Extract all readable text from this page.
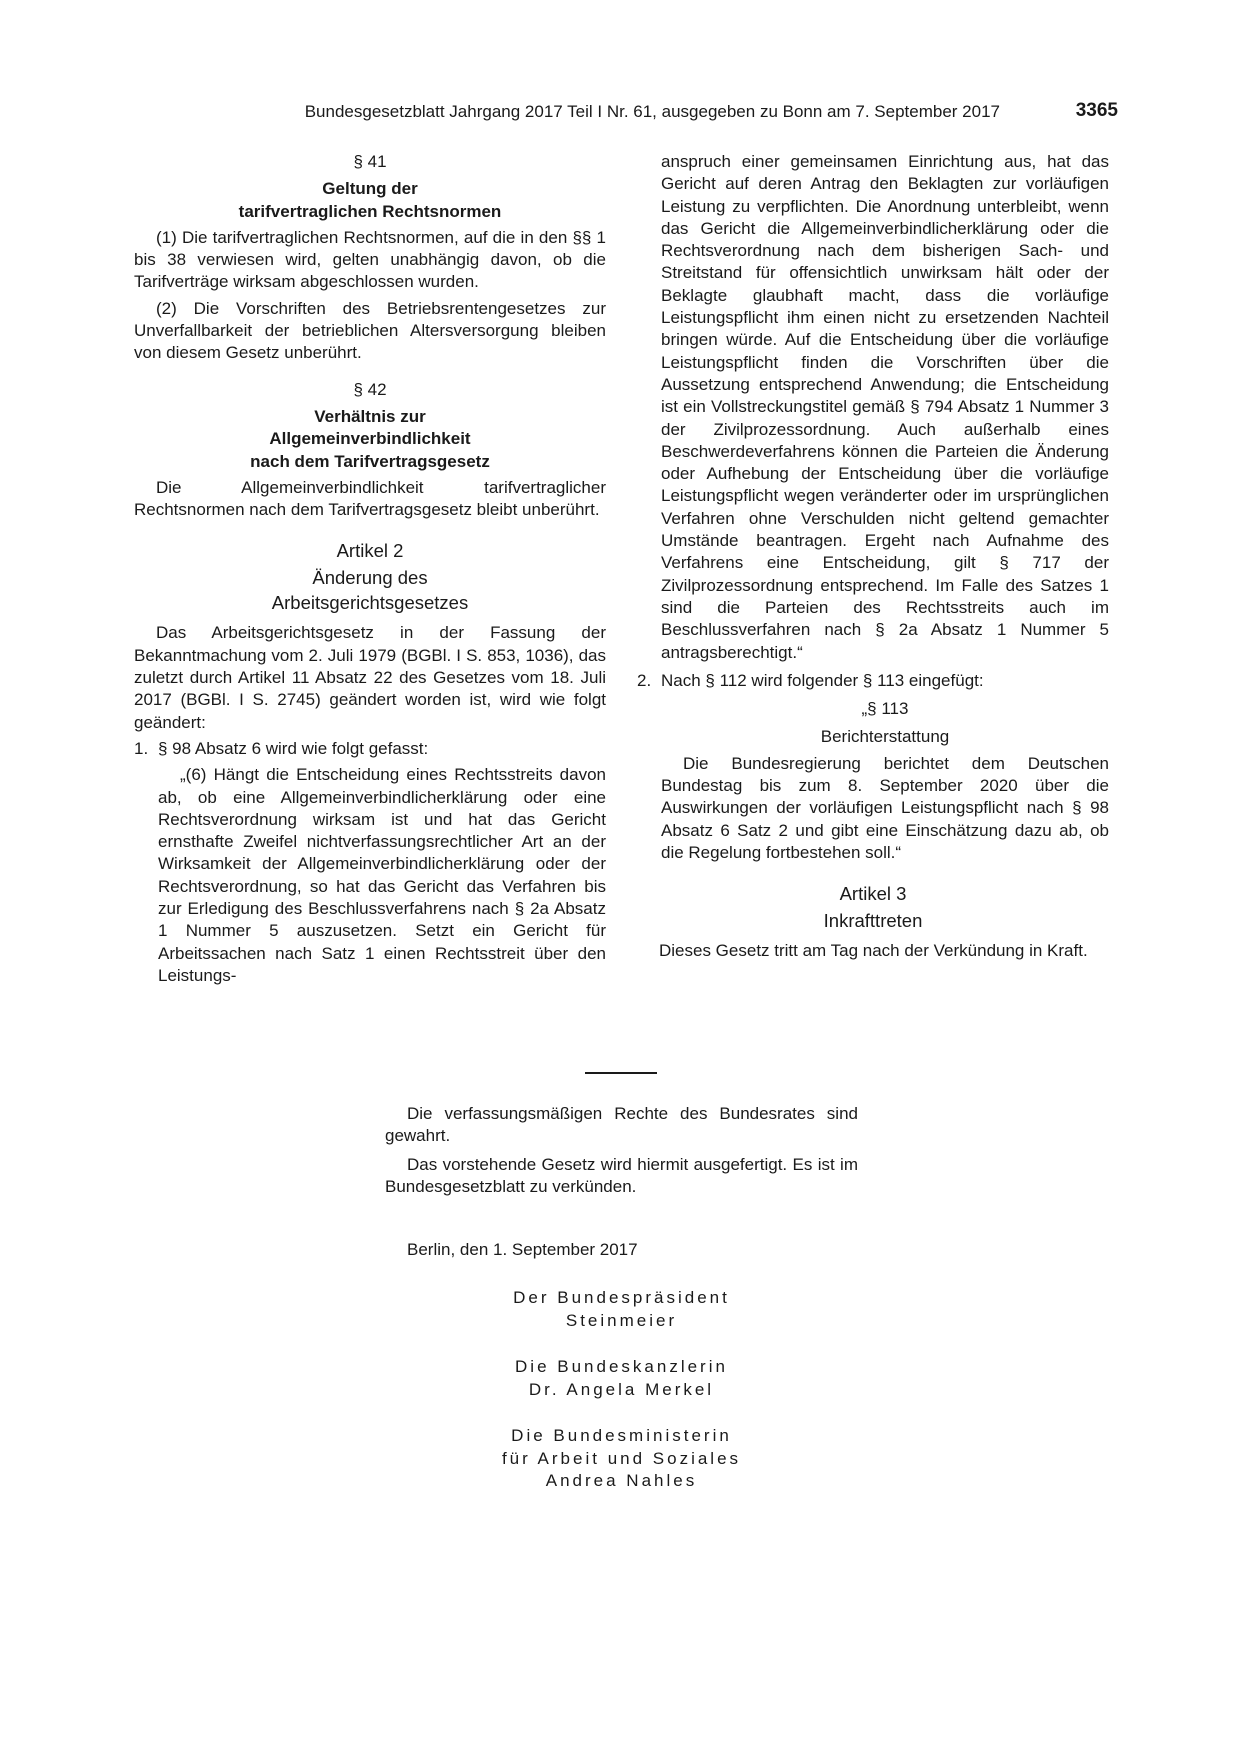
Bundesgesetzblatt Jahrgang 2017 Teil I Nr. 61, ausgegeben zu Bonn am 7. September 2017	3365

§ 41

Geltung der
tarifvertraglichen Rechtsnormen

(1) Die tarifvertraglichen Rechtsnormen, auf die in den §§ 1 bis 38 verwiesen wird, gelten unabhängig davon, ob die Tarifverträge wirksam abgeschlossen wurden.

(2) Die Vorschriften des Betriebsrentengesetzes zur Unverfallbarkeit der betrieblichen Altersversorgung bleiben von diesem Gesetz unberührt.

§ 42

Verhältnis zur
Allgemeinverbindlichkeit
nach dem Tarifvertragsgesetz

Die Allgemeinverbindlichkeit tarifvertraglicher Rechtsnormen nach dem Tarifvertragsgesetz bleibt unberührt.

Artikel 2

Änderung des
Arbeitsgerichtsgesetzes

Das Arbeitsgerichtsgesetz in der Fassung der Bekanntmachung vom 2. Juli 1979 (BGBl. I S. 853, 1036), das zuletzt durch Artikel 11 Absatz 22 des Gesetzes vom 18. Juli 2017 (BGBl. I S. 2745) geändert worden ist, wird wie folgt geändert:

1. § 98 Absatz 6 wird wie folgt gefasst:

„(6) Hängt die Entscheidung eines Rechtsstreits davon ab, ob eine Allgemeinverbindlicherklärung oder eine Rechtsverordnung wirksam ist und hat das Gericht ernsthafte Zweifel nichtverfassungsrechtlicher Art an der Wirksamkeit der Allgemeinverbindlicherklärung oder der Rechtsverordnung, so hat das Gericht das Verfahren bis zur Erledigung des Beschlussverfahrens nach § 2a Absatz 1 Nummer 5 auszusetzen. Setzt ein Gericht für Arbeitssachen nach Satz 1 einen Rechtsstreit über den Leistungs-

anspruch einer gemeinsamen Einrichtung aus, hat das Gericht auf deren Antrag den Beklagten zur vorläufigen Leistung zu verpflichten. Die Anordnung unterbleibt, wenn das Gericht die Allgemeinverbindlicherklärung oder die Rechtsverordnung nach dem bisherigen Sach- und Streitstand für offensichtlich unwirksam hält oder der Beklagte glaubhaft macht, dass die vorläufige Leistungspflicht ihm einen nicht zu ersetzenden Nachteil bringen würde. Auf die Entscheidung über die vorläufige Leistungspflicht finden die Vorschriften über die Aussetzung entsprechend Anwendung; die Entscheidung ist ein Vollstreckungstitel gemäß § 794 Absatz 1 Nummer 3 der Zivilprozessordnung. Auch außerhalb eines Beschwerdeverfahrens können die Parteien die Änderung oder Aufhebung der Entscheidung über die vorläufige Leistungspflicht wegen veränderter oder im ursprünglichen Verfahren ohne Verschulden nicht geltend gemachter Umstände beantragen. Ergeht nach Aufnahme des Verfahrens eine Entscheidung, gilt § 717 der Zivilprozessordnung entsprechend. Im Falle des Satzes 1 sind die Parteien des Rechtsstreits auch im Beschlussverfahren nach § 2a Absatz 1 Nummer 5 antragsberechtigt.“

2. Nach § 112 wird folgender § 113 eingefügt:

„§ 113

Berichterstattung

Die Bundesregierung berichtet dem Deutschen Bundestag bis zum 8. September 2020 über die Auswirkungen der vorläufigen Leistungspflicht nach § 98 Absatz 6 Satz 2 und gibt eine Einschätzung dazu ab, ob die Regelung fortbestehen soll.“

Artikel 3

Inkrafttreten

Dieses Gesetz tritt am Tag nach der Verkündung in Kraft.

Die verfassungsmäßigen Rechte des Bundesrates sind gewahrt.

Das vorstehende Gesetz wird hiermit ausgefertigt. Es ist im Bundesgesetzblatt zu verkünden.

Berlin, den 1. September 2017
Der Bundespräsident
Steinmeier
Die Bundeskanzlerin
Dr. Angela Merkel
Die Bundesministerin
für Arbeit und Soziales
Andrea Nahles
